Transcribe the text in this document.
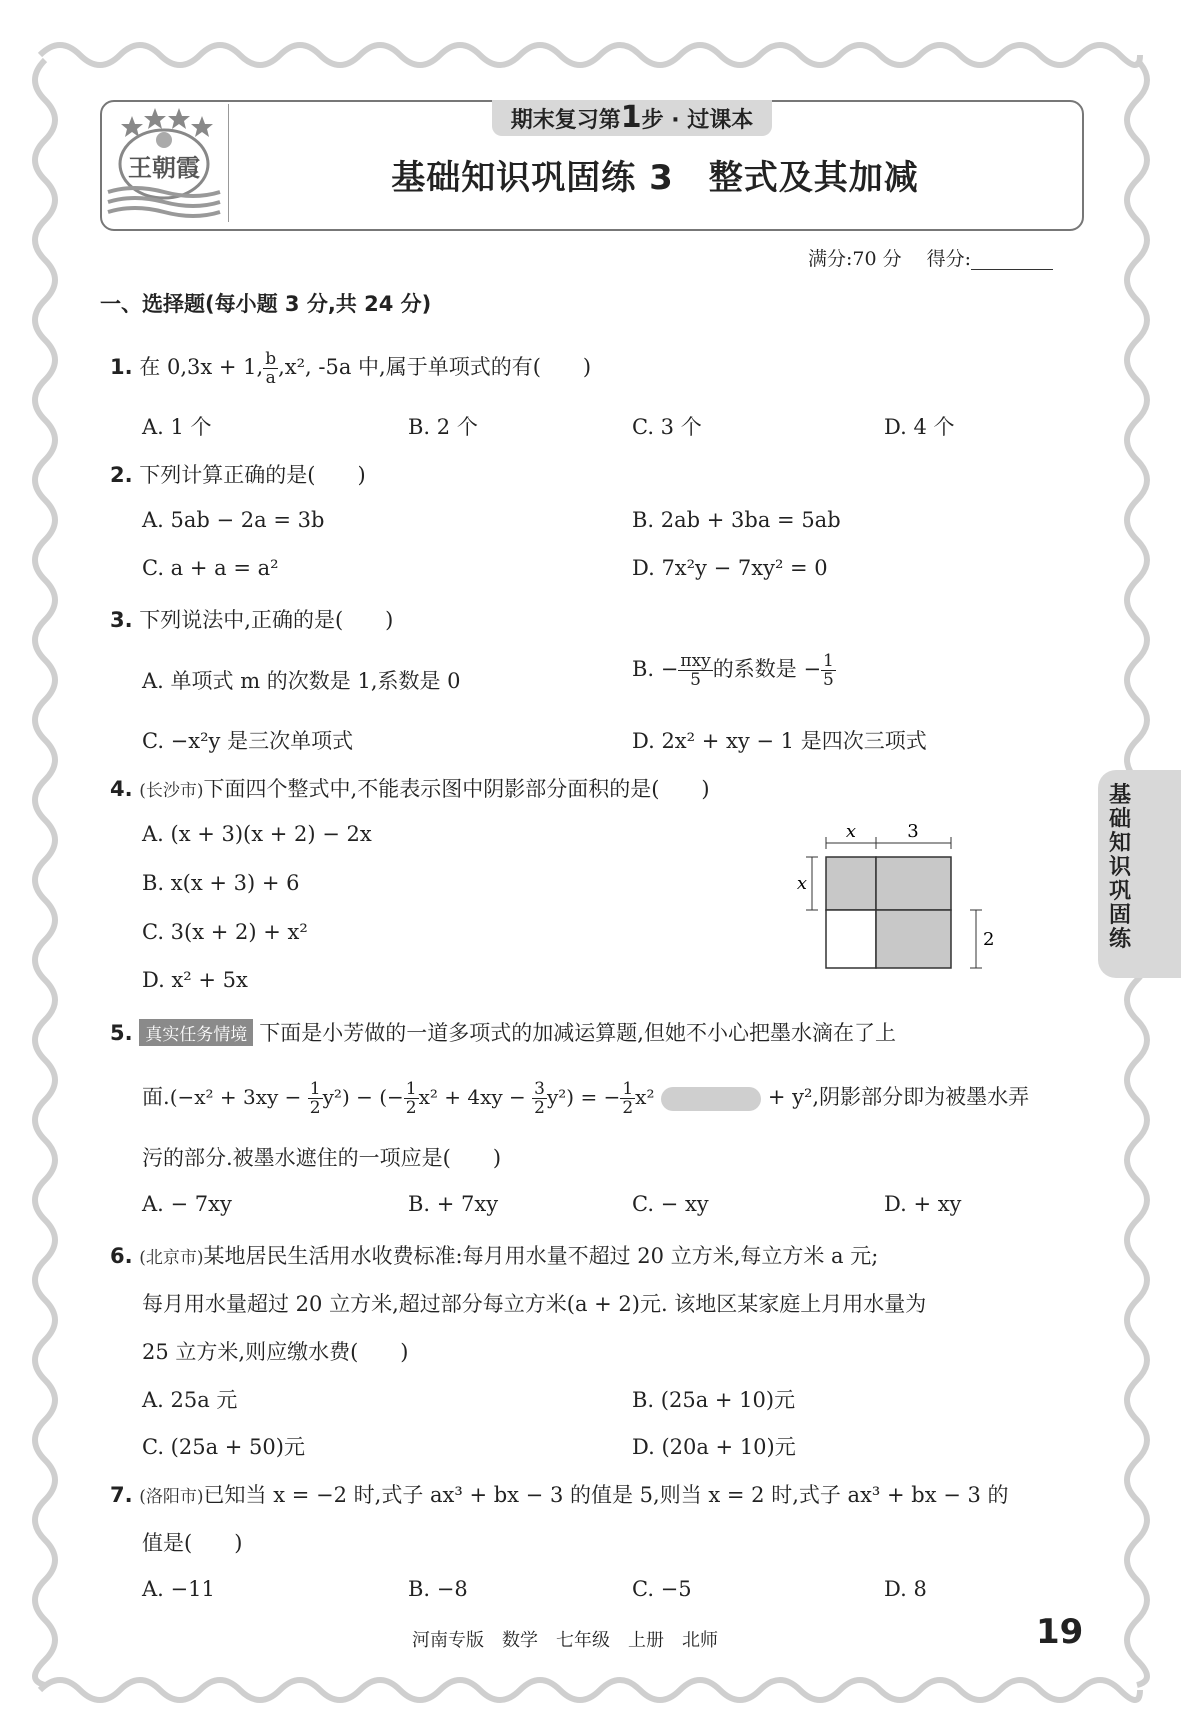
王朝霞
期末复习第1步 · 过课本
基础知识巩固练 3　整式及其加减
满分:70 分　 得分:
一、选择题(每小题 3 分,共 24 分)
1. 在 0,3x + 1, $\frac{b}{a} ,x^2$, -5a 中,属于单项式的有(　　)
A. 1 个	B. 2 个	C. 3 个	D. 4 个
2. 下列计算正确的是(　　)
A. 5ab − 2a = 3b	B. 2ab + 3ba = 5ab
C. a + a = a²	D. 7x²y − 7xy² = 0
3. 下列说法中,正确的是(　　)
A. 单项式 m 的次数是 1,系数是 0	B. − $\frac{\text{πxy}}{5}$ 的系数是 − $\frac{1}{5}$
C. −x²y 是三次单项式	D. 2x² + xy − 1 是四次三项式
4. (长沙市)下面四个整式中,不能表示图中阴影部分面积的是(　　)
A. (x + 3)(x + 2) − 2x
B. x(x + 3) + 6
C. 3(x + 2) + x²
D. x² + 5x
x	3
x
2
5. 真实任务情境 下面是小芳做的一道多项式的加减运算题,但她不小心把墨水滴在了上
面$.(-x^2 + 3xy - \frac{1}{2} y^2)$ − (− $\frac{1}{2} x^2 + 4xy - \frac{3}{2} y^2$) = − $\frac{1}{2} x^2$	+ y²,阴影部分即为被墨水弄
污的部分.被墨水遮住的一项应是(　　)
A. − 7xy	B. + 7xy	C. − xy	D. + xy
6. (北京市)某地居民生活用水收费标准:每月用水量不超过 20 立方米,每立方米 a 元;
每月用水量超过 20 立方米,超过部分每立方米(a + 2)元. 该地区某家庭上月用水量为
25 立方米,则应缴水费(　　)
A. 25a 元	B. (25a + 10)元
C. (25a + 50)元	D. (20a + 10)元
7. (洛阳市)已知当 x = −2 时,式子 ax³ + bx − 3 的值是 5,则当 x = 2 时,式子 ax³ + bx − 3 的
值是(　　)
A. −11	B. −8	C. −5	D. 8
基
础
知
识
巩
固
练
河南专版　数学　七年级　上册　北师	19
